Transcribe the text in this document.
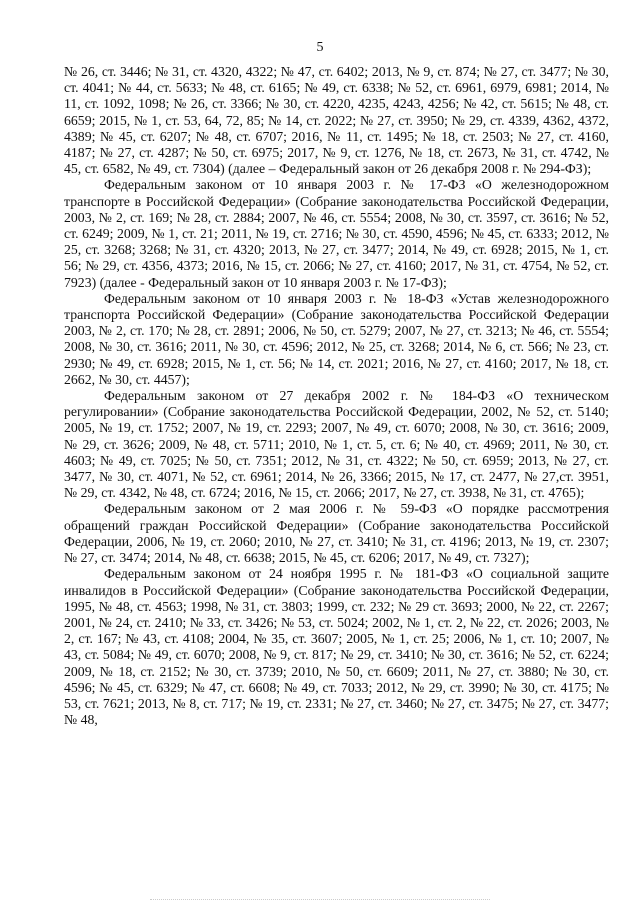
5

№ 26, ст. 3446; № 31, ст. 4320, 4322; № 47, ст. 6402; 2013, № 9, ст. 874; № 27, ст. 3477; № 30, ст. 4041; № 44, ст. 5633; № 48, ст. 6165; № 49, ст. 6338; № 52, ст. 6961, 6979, 6981; 2014, № 11, ст. 1092, 1098; № 26, ст. 3366; № 30, ст. 4220, 4235, 4243, 4256; № 42, ст. 5615; № 48, ст. 6659; 2015, № 1, ст. 53, 64, 72, 85; № 14, ст. 2022; № 27, ст. 3950; № 29, ст. 4339, 4362, 4372, 4389; № 45, ст. 6207; № 48, ст. 6707; 2016, № 11, ст. 1495; № 18, ст. 2503; № 27, ст. 4160, 4187; № 27, ст. 4287; № 50, ст. 6975; 2017, № 9, ст. 1276, № 18, ст. 2673, № 31, ст. 4742, № 45, ст. 6582, № 49, ст. 7304) (далее – Федеральный закон от 26 декабря 2008 г. № 294-ФЗ);

Федеральным законом от 10 января 2003 г. № 17-ФЗ «О железнодорожном транспорте в Российской Федерации» (Собрание законодательства Российской Федерации, 2003, № 2, ст. 169; № 28, ст. 2884; 2007, № 46, ст. 5554; 2008, № 30, ст. 3597, ст. 3616; № 52, ст. 6249; 2009, № 1, ст. 21; 2011, № 19, ст. 2716; № 30, ст. 4590, 4596; № 45, ст. 6333; 2012, № 25, ст. 3268; 3268; № 31, ст. 4320; 2013, № 27, ст. 3477; 2014, № 49, ст. 6928; 2015, № 1, ст. 56; № 29, ст. 4356, 4373; 2016, № 15, ст. 2066; № 27, ст. 4160; 2017, № 31, ст. 4754, № 52, ст. 7923) (далее - Федеральный закон от 10 января 2003 г. № 17-ФЗ);

Федеральным законом от 10 января 2003 г. № 18-ФЗ «Устав железнодорожного транспорта Российской Федерации» (Собрание законодательства Российской Федерации 2003, № 2, ст. 170; № 28, ст. 2891; 2006, № 50, ст. 5279; 2007, № 27, ст. 3213; № 46, ст. 5554; 2008, № 30, ст. 3616; 2011, № 30, ст. 4596; 2012, № 25, ст. 3268; 2014, № 6, ст. 566; № 23, ст. 2930; № 49, ст. 6928; 2015, № 1, ст. 56; № 14, ст. 2021; 2016, № 27, ст. 4160; 2017, № 18, ст. 2662, № 30, ст. 4457);

Федеральным законом от 27 декабря 2002 г. № 184-ФЗ «О техническом регулировании» (Собрание законодательства Российской Федерации, 2002, № 52, ст. 5140; 2005, № 19, ст. 1752; 2007, № 19, ст. 2293; 2007, № 49, ст. 6070; 2008, № 30, ст. 3616; 2009, № 29, ст. 3626; 2009, № 48, ст. 5711; 2010, № 1, ст. 5, ст. 6; № 40, ст. 4969; 2011, № 30, ст. 4603; № 49, ст. 7025; № 50, ст. 7351; 2012, № 31, ст. 4322; № 50, ст. 6959; 2013, № 27, ст. 3477, № 30, ст. 4071, № 52, ст. 6961; 2014, № 26, 3366; 2015, № 17, ст. 2477, № 27,ст. 3951, № 29, ст. 4342, № 48, ст. 6724; 2016, № 15, ст. 2066; 2017, № 27, ст. 3938, № 31, ст. 4765);

Федеральным законом от 2 мая 2006 г. № 59-ФЗ «О порядке рассмотрения обращений граждан Российской Федерации» (Собрание законодательства Российской Федерации, 2006, № 19, ст. 2060; 2010, № 27, ст. 3410; № 31, ст. 4196; 2013, № 19, ст. 2307; № 27, ст. 3474; 2014, № 48, ст. 6638; 2015, № 45, ст. 6206; 2017, № 49, ст. 7327);

Федеральным законом от 24 ноября 1995 г. № 181-ФЗ «О социальной защите инвалидов в Российской Федерации» (Собрание законодательства Российской Федерации, 1995, № 48, ст. 4563; 1998, № 31, ст. 3803; 1999, ст. 232; № 29 ст. 3693; 2000, № 22, ст. 2267; 2001, № 24, ст. 2410; № 33, ст. 3426; № 53, ст. 5024; 2002, № 1, ст. 2, № 22, ст. 2026; 2003, № 2, ст. 167; № 43, ст. 4108; 2004, № 35, ст. 3607; 2005, № 1, ст. 25; 2006, № 1, ст. 10; 2007, № 43, ст. 5084; № 49, ст. 6070; 2008, № 9, ст. 817; № 29, ст. 3410; № 30, ст. 3616; № 52, ст. 6224; 2009, № 18, ст. 2152; № 30, ст. 3739; 2010, № 50, ст. 6609; 2011, № 27, ст. 3880; № 30, ст. 4596; № 45, ст. 6329; № 47, ст. 6608; № 49, ст. 7033; 2012, № 29, ст. 3990; № 30, ст. 4175; № 53, ст. 7621; 2013, № 8, ст. 717; № 19, ст. 2331; № 27, ст. 3460; № 27, ст. 3475; № 27, ст. 3477; № 48,
